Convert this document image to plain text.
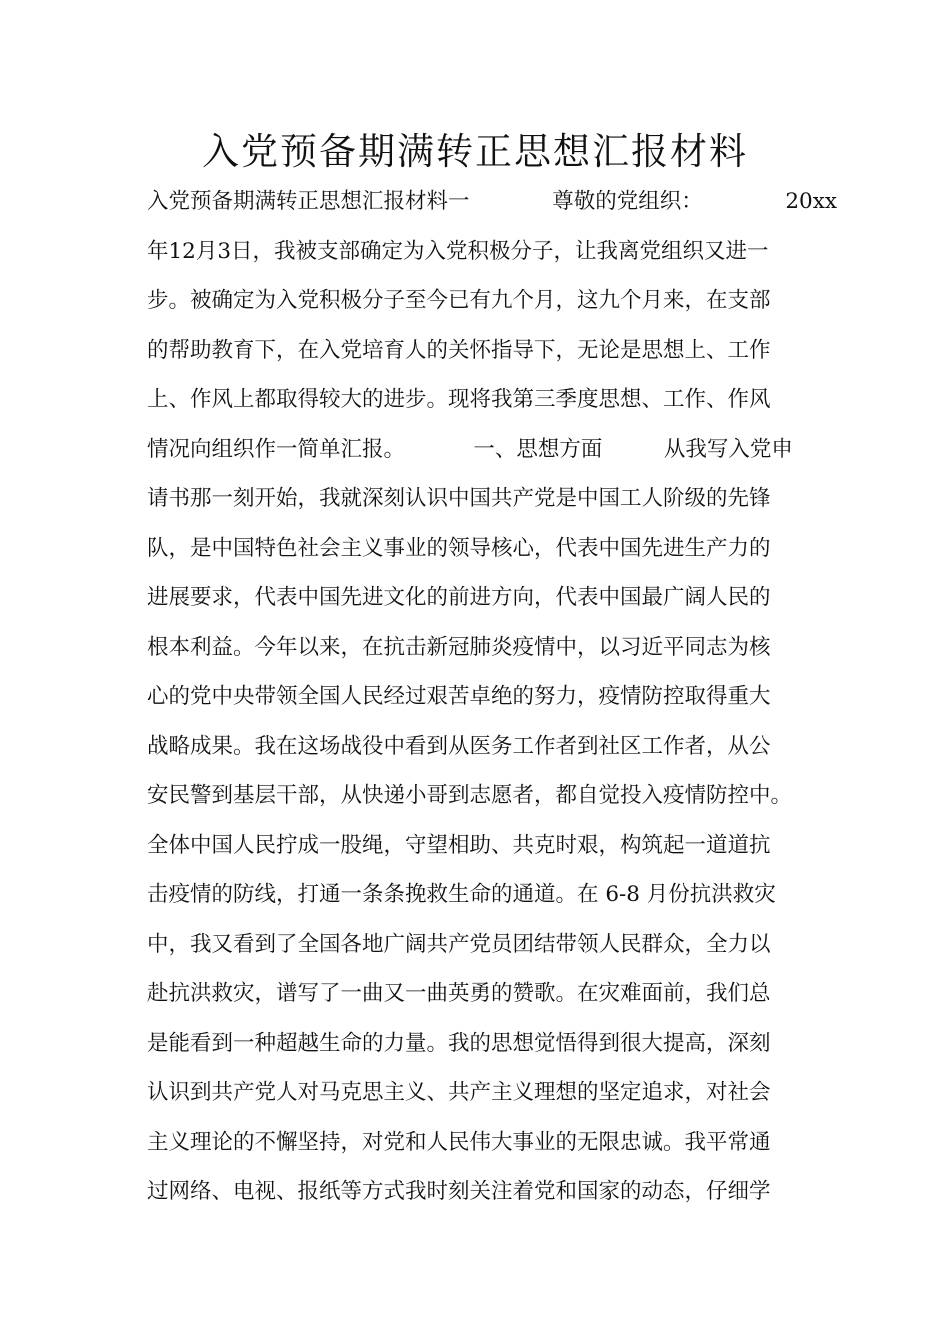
入党预备期满转正思想汇报材料
入党预备期满转正思想汇报材料一	尊敬的党组织：	20xx
年12月3日，我被支部确定为入党积极分子，让我离党组织又进一
步。被确定为入党积极分子至今已有九个月，这九个月来，在支部
的帮助教育下，在入党培育人的关怀指导下，无论是思想上、工作
上、作风上都取得较大的进步。现将我第三季度思想、工作、作风
情况向组织作一简单汇报。          一、思想方面         从我写入党申
请书那一刻开始，我就深刻认识中国共产党是中国工人阶级的先锋
队，是中国特色社会主义事业的领导核心，代表中国先进生产力的
进展要求，代表中国先进文化的前进方向，代表中国最广阔人民的
根本利益。今年以来，在抗击新冠肺炎疫情中，以习近平同志为核
心的党中央带领全国人民经过艰苦卓绝的努力，疫情防控取得重大
战略成果。我在这场战役中看到从医务工作者到社区工作者，从公
安民警到基层干部，从快递小哥到志愿者，都自觉投入疫情防控中。
全体中国人民拧成一股绳，守望相助、共克时艰，构筑起一道道抗
击疫情的防线，打通一条条挽救生命的通道。在 6-8 月份抗洪救灾
中，我又看到了全国各地广阔共产党员团结带领人民群众，全力以
赴抗洪救灾，谱写了一曲又一曲英勇的赞歌。在灾难面前，我们总
是能看到一种超越生命的力量。我的思想觉悟得到很大提高，深刻
认识到共产党人对马克思主义、共产主义理想的坚定追求，对社会
主义理论的不懈坚持，对党和人民伟大事业的无限忠诚。我平常通
过网络、电视、报纸等方式我时刻关注着党和国家的动态，仔细学
